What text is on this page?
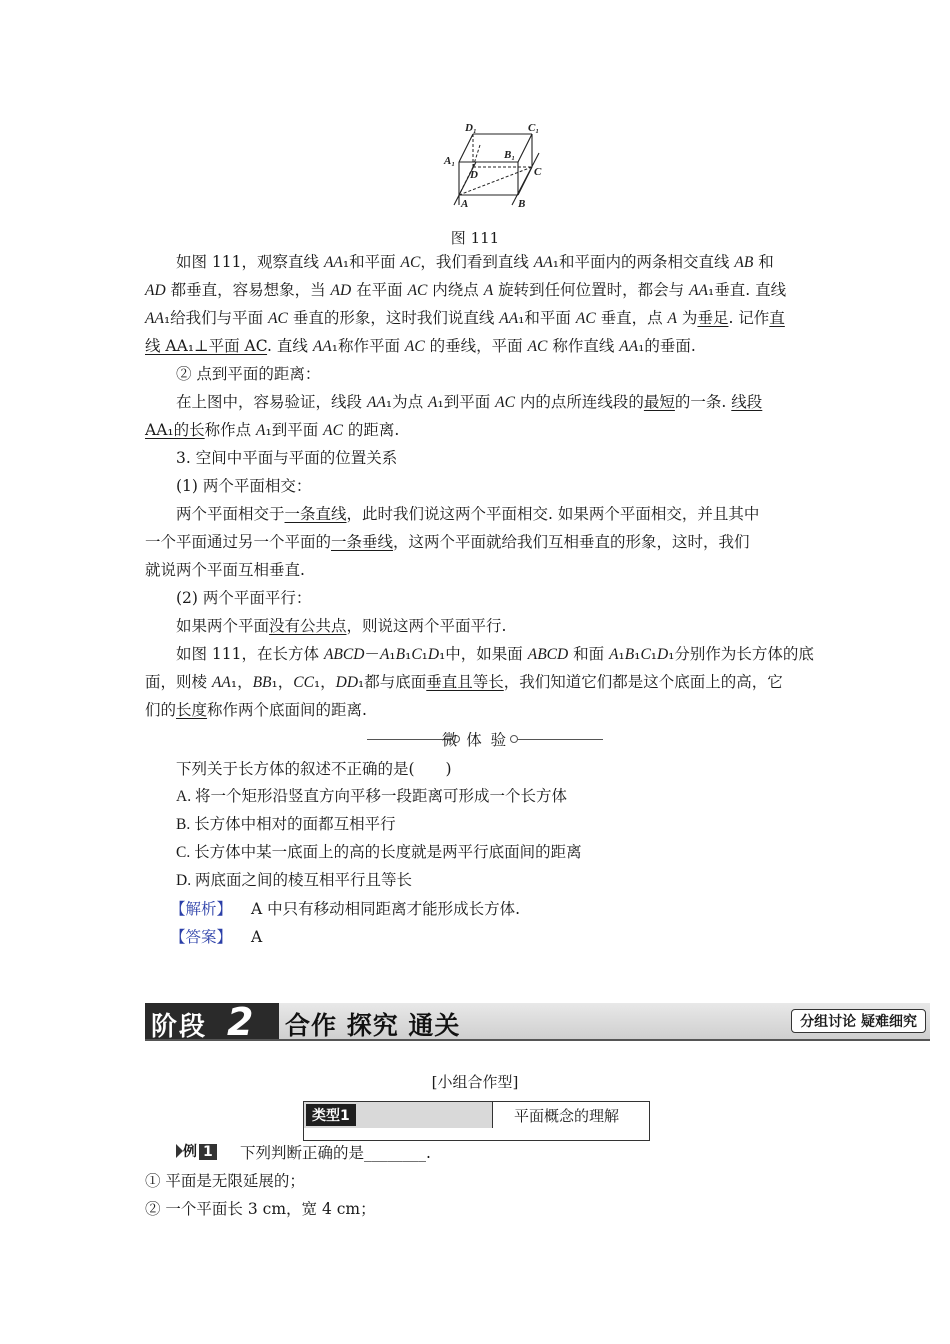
D₁	C₁
A₁	B₁
D	C
A	B
图 111
如图 111，观察直线 AA₁和平面 AC，我们看到直线 AA₁和平面内的两条相交直线 AB 和
AD 都垂直，容易想象，当 AD 在平面 AC 内绕点 A 旋转到任何位置时，都会与 AA₁垂直. 直线
AA₁给我们与平面 AC 垂直的形象，这时我们说直线 AA₁和平面 AC 垂直，点 A 为垂足. 记作直
线 AA₁⊥平面 AC. 直线 AA₁称作平面 AC 的垂线，平面 AC 称作直线 AA₁的垂面.
② 点到平面的距离：
在上图中，容易验证，线段 AA₁为点 A₁到平面 AC 内的点所连线段的最短的一条. 线段
AA₁的长称作点 A₁到平面 AC 的距离.
3. 空间中平面与平面的位置关系
(1) 两个平面相交：
两个平面相交于一条直线，此时我们说这两个平面相交. 如果两个平面相交，并且其中
一个平面通过另一个平面的一条垂线，这两个平面就给我们互相垂直的形象，这时，我们
就说两个平面互相垂直.
(2) 两个平面平行：
如果两个平面没有公共点，则说这两个平面平行.
如图 111，在长方体 ABCD－A₁B₁C₁D₁中，如果面 ABCD 和面 A₁B₁C₁D₁分别作为长方体的底
面，则棱 AA₁，BB₁，CC₁，DD₁都与底面垂直且等长，我们知道它们都是这个底面上的高，它
们的长度称作两个底面间的距离.
微 体 验
下列关于长方体的叙述不正确的是(　　)
A. 将一个矩形沿竖直方向平移一段距离可形成一个长方体
B. 长方体中相对的面都互相平行
C. 长方体中某一底面上的高的长度就是两平行底面间的距离
D. 两底面之间的棱互相平行且等长
【解析】 A 中只有移动相同距离才能形成长方体.
【答案】 A
阶段 2 合作 探究 通关	分组讨论 疑难细究
[小组合作型]
类型1	平面概念的理解
例 1 下列判断正确的是________.
① 平面是无限延展的；
② 一个平面长 3 cm，宽 4 cm；
